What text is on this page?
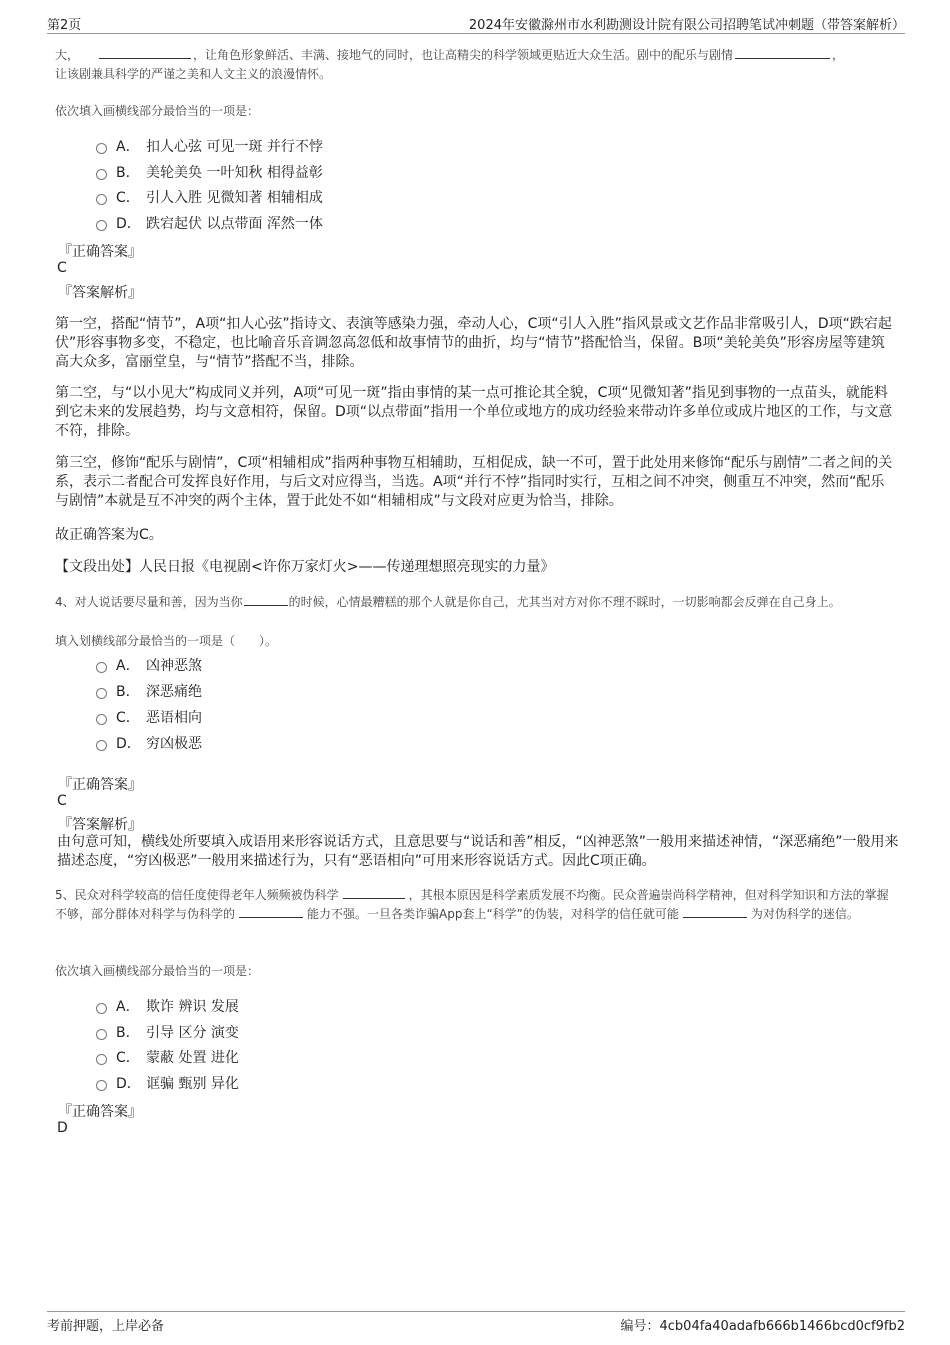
第2页	2024年安徽滁州市水利勘测设计院有限公司招聘笔试冲刺题（带答案解析）

大，	，让角色形象鲜活、丰满、接地气的同时，也让高精尖的科学领域更贴近大众生活。剧中的配乐与剧情	，

让该剧兼具科学的严谨之美和人文主义的浪漫情怀。

依次填入画横线部分最恰当的一项是：
A． 扣人心弦 可见一斑 并行不悖
B． 美轮美奂 一叶知秋 相得益彰
C． 引人入胜 见微知著 相辅相成
D． 跌宕起伏 以点带面 浑然一体
『正确答案』
C
『答案解析』
第一空，搭配“情节”，A项“扣人心弦”指诗文、表演等感染力强，牵动人心，C项“引人入胜”指风景或文艺作品非常吸引人，D项“跌宕起伏”形容事物多变，不稳定，也比喻音乐音调忽高忽低和故事情节的曲折，均与“情节”搭配恰当，保留。B项“美轮美奂”形容房屋等建筑高大众多，富丽堂皇，与“情节”搭配不当，排除。
第二空，与“以小见大”构成同义并列，A项“可见一斑”指由事情的某一点可推论其全貌，C项“见微知著”指见到事物的一点苗头，就能料到它未来的发展趋势，均与文意相符，保留。D项“以点带面”指用一个单位或地方的成功经验来带动许多单位或成片地区的工作，与文意不符，排除。
第三空，修饰“配乐与剧情”，C项“相辅相成”指两种事物互相辅助，互相促成，缺一不可，置于此处用来修饰“配乐与剧情”二者之间的关系，表示二者配合可发挥良好作用，与后文对应得当，当选。A项“并行不悖”指同时实行，互相之间不冲突，侧重互不冲突，然而“配乐与剧情”本就是互不冲突的两个主体，置于此处不如“相辅相成”与文段对应更为恰当，排除。
故正确答案为C。
【文段出处】人民日报《电视剧<许你万家灯火>——传递理想照亮现实的力量》

4、对人说话要尽量和善，因为当你	的时候，心情最糟糕的那个人就是你自己，尤其当对方对你不理不睬时，一切影响都会反弹在自己身上。

填入划横线部分最恰当的一项是（　　）。
A． 凶神恶煞
B． 深恶痛绝
C． 恶语相向
D． 穷凶极恶
『正确答案』
C
『答案解析』
由句意可知，横线处所要填入成语用来形容说话方式，且意思要与“说话和善”相反，“凶神恶煞”一般用来描述神情，“深恶痛绝”一般用来描述态度，“穷凶极恶”一般用来描述行为，只有“恶语相向”可用来形容说话方式。因此C项正确。

5、民众对科学较高的信任度使得老年人频频被伪科学	，其根本原因是科学素质发展不均衡。民众普遍崇尚科学精神，但对科学知识和方法的掌握不够，部分群体对科学与伪科学的	能力不强。一旦各类诈骗App套上“科学”的伪装，对科学的信任就可能	为对伪科学的迷信。

依次填入画横线部分最恰当的一项是：
A． 欺诈 辨识 发展
B． 引导 区分 演变
C． 蒙蔽 处置 进化
D． 诓骗 甄别 异化
『正确答案』
D
考前押题，上岸必备	编号：4cb04fa40adafb666b1466bcd0cf9fb2
